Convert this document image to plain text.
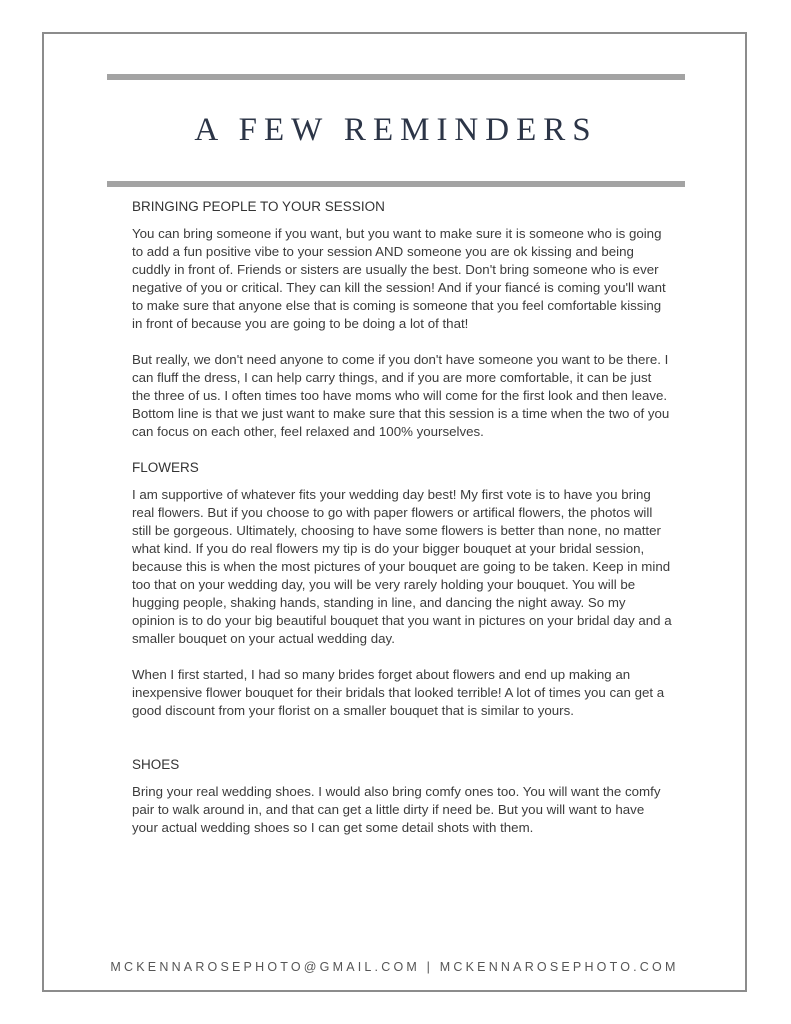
A FEW REMINDERS
BRINGING PEOPLE TO YOUR SESSION

You can bring someone if you want, but you want to make sure it is someone who is going to add a fun positive vibe to your session AND someone you are ok kissing and being cuddly in front of. Friends or sisters are usually the best. Don't bring someone who is ever negative of you or critical. They can kill the session! And if your fiancé is coming you'll want to make sure that anyone else that is coming is someone that you feel comfortable kissing in front of because you are going to be doing a lot of that!

But really, we don't need anyone to come if you don't have someone you want to be there. I can fluff the dress, I can help carry things, and if you are more comfortable, it can be just the three of us. I often times too have moms who will come for the first look and then leave. Bottom line is that we just want to make sure that this session is a time when the two of you can focus on each other, feel relaxed and 100% yourselves.

FLOWERS

I am supportive of whatever fits your wedding day best! My first vote is to have you bring real flowers. But if you choose to go with paper flowers or artifical flowers, the photos will still be gorgeous. Ultimately, choosing to have some flowers is better than none, no matter what kind. If you do real flowers my tip is do your bigger bouquet at your bridal session, because this is when the most pictures of your bouquet are going to be taken. Keep in mind too that on your wedding day, you will be very rarely holding your bouquet. You will be hugging people, shaking hands, standing in line, and dancing the night away. So my opinion is to do your big beautiful bouquet that you want in pictures on your bridal day and a smaller bouquet on your actual wedding day.

When I first started, I had so many brides forget about flowers and end up making an inexpensive flower bouquet for their bridals that looked terrible! A lot of times you can get a good discount from your florist on a smaller bouquet that is similar to yours.

SHOES

Bring your real wedding shoes. I would also bring comfy ones too. You will want the comfy pair to walk around in, and that can get a little dirty if need be. But you will want to have your actual wedding shoes so I can get some detail shots with them.

MCKENNAROSEPHOTO@GMAIL.COM | MCKENNAROSEPHOTO.COM
